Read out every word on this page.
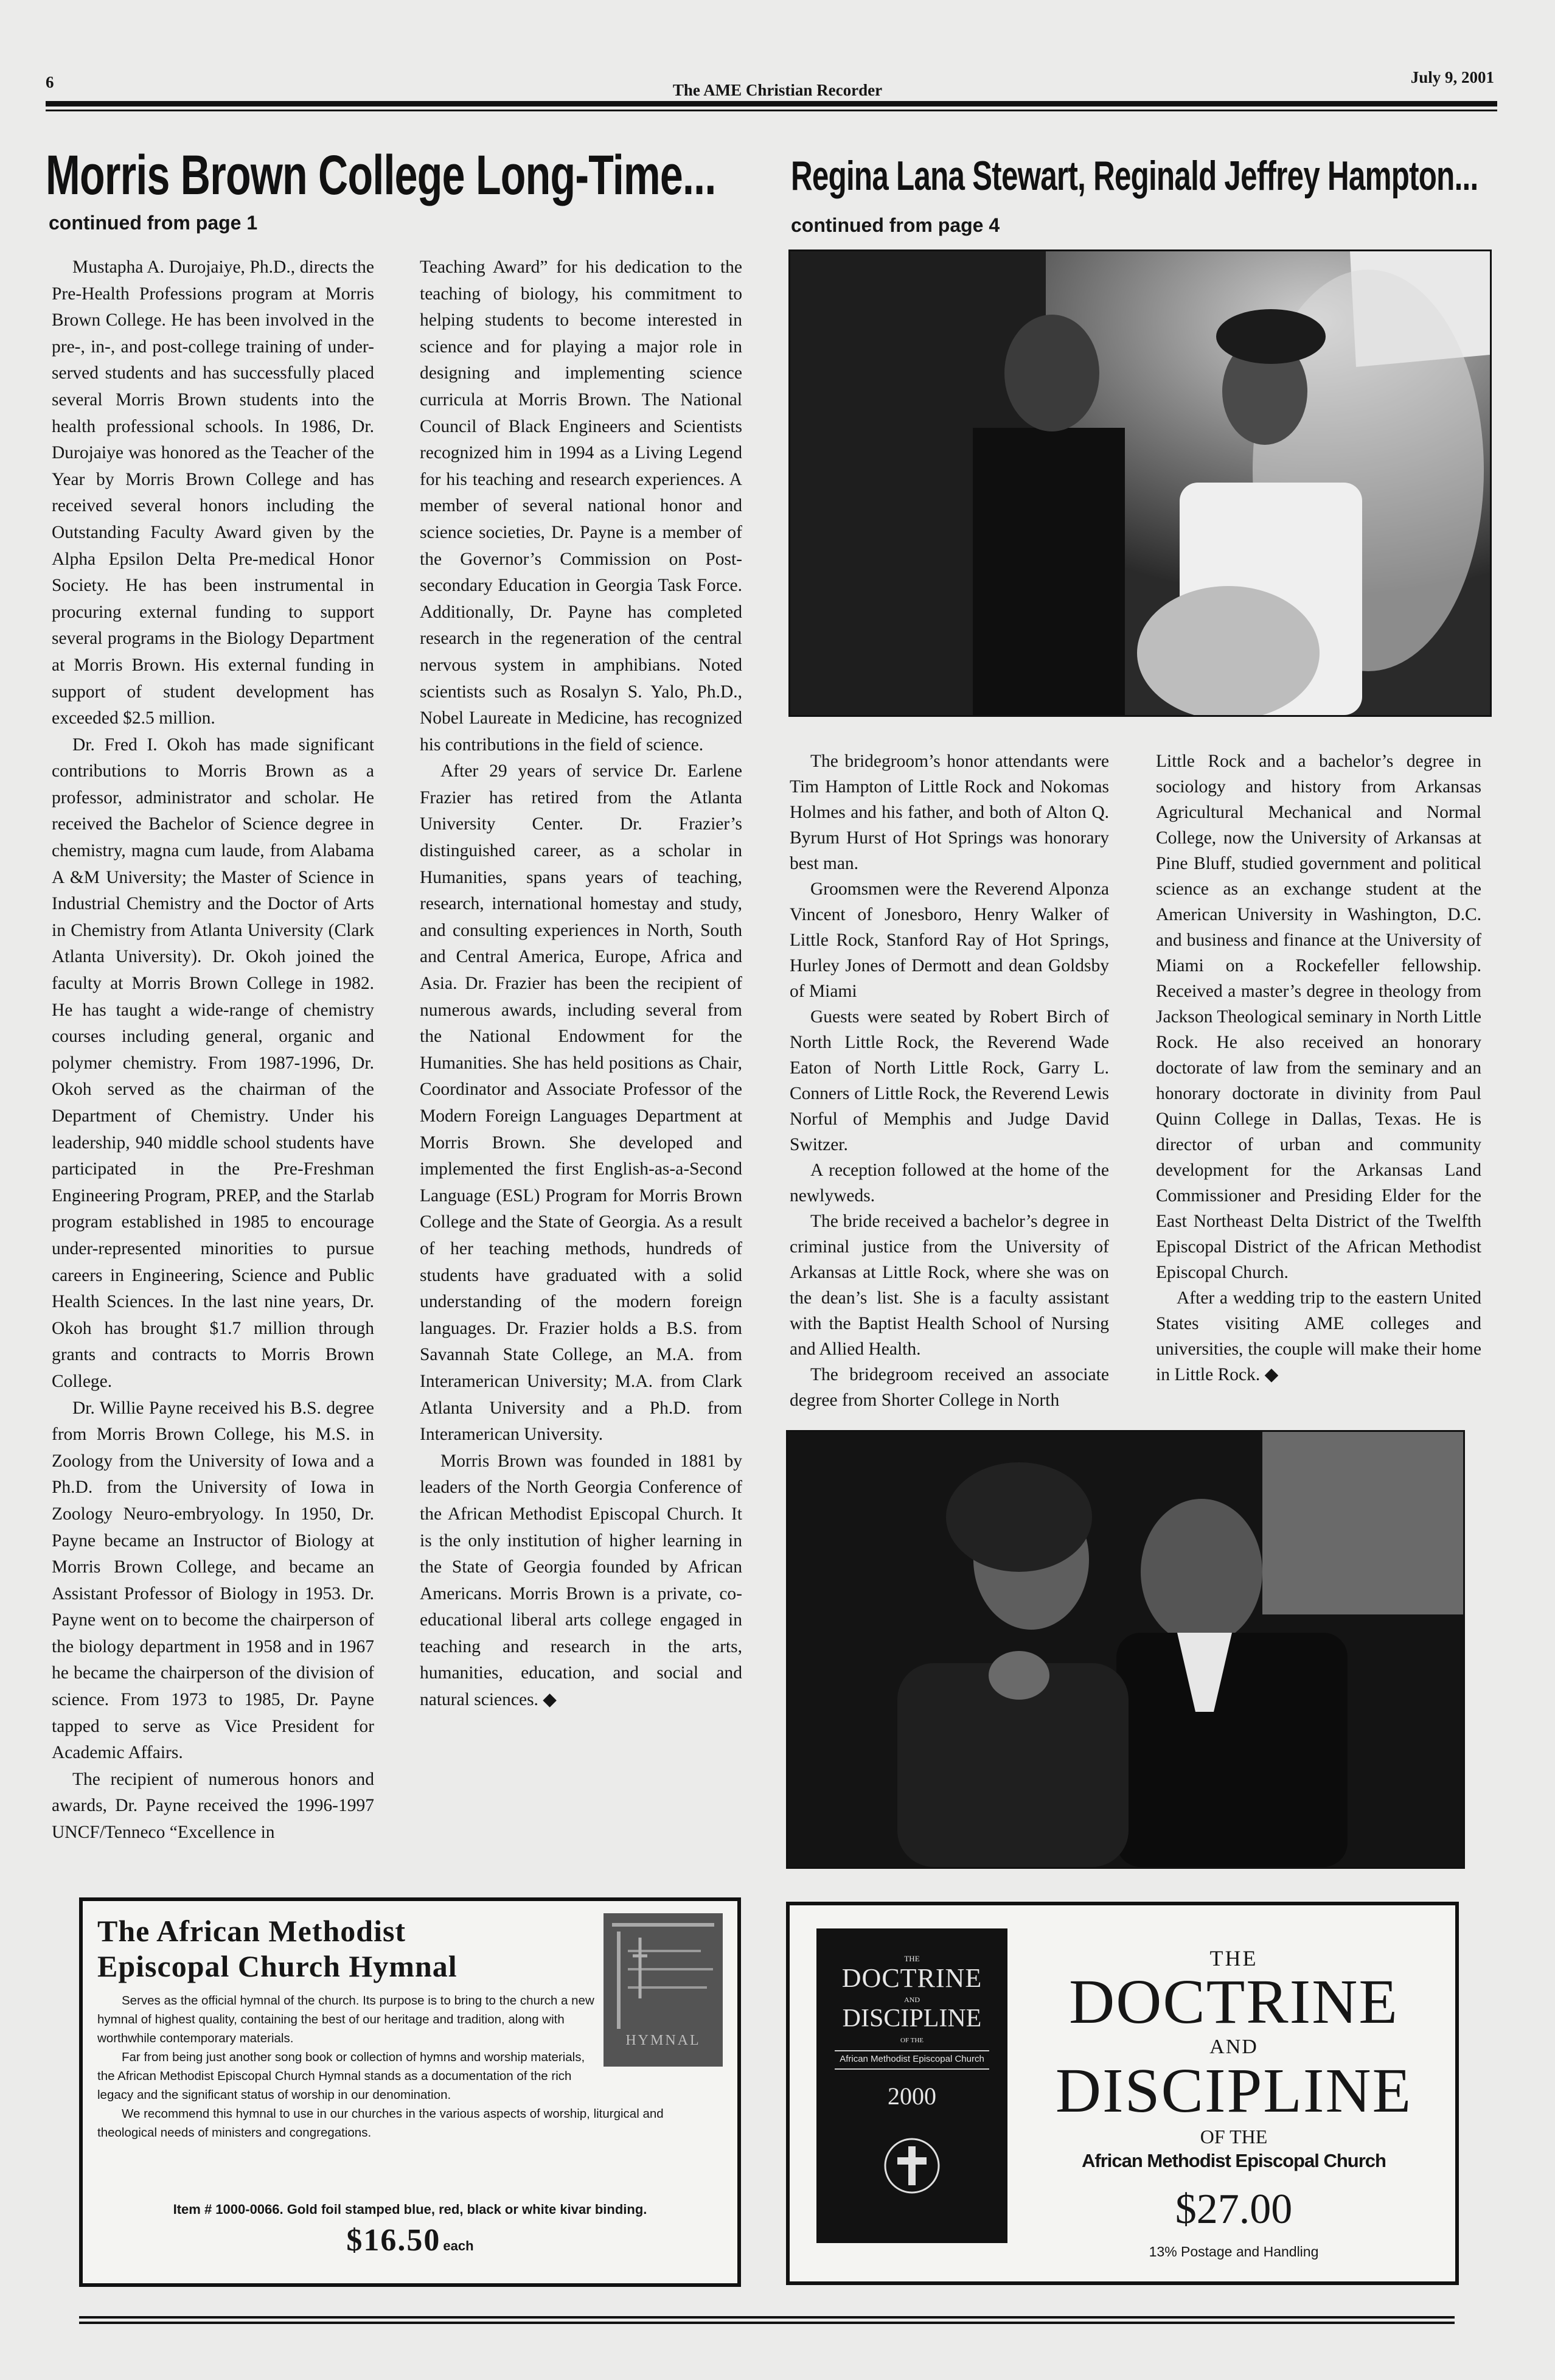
6	The AME Christian Recorder
July 9, 2001
Morris Brown College Long-Time...
continued from page 1

Mustapha A. Durojaiye, Ph.D., directs the Pre-Health Professions program at Morris Brown College. He has been involved in the pre-, in-, and post-college training of under-served students and has successfully placed several Morris Brown students into the health professional schools. In 1986, Dr. Durojaiye was honored as the Teacher of the Year by Morris Brown College and has received several honors including the Outstanding Faculty Award given by the Alpha Epsilon Delta Pre-medical Honor Society. He has been instrumental in procuring external funding to support several programs in the Biology Department at Morris Brown. His external funding in support of student development has exceeded $2.5 million.

Dr. Fred I. Okoh has made significant contributions to Morris Brown as a professor, administrator and scholar. He received the Bachelor of Science degree in chemistry, magna cum laude, from Alabama A &M University; the Master of Science in Industrial Chemistry and the Doctor of Arts in Chemistry from Atlanta University (Clark Atlanta University). Dr. Okoh joined the faculty at Morris Brown College in 1982. He has taught a wide-range of chemistry courses including general, organic and polymer chemistry. From 1987-1996, Dr. Okoh served as the chairman of the Department of Chemistry. Under his leadership, 940 middle school students have participated in the Pre-Freshman Engineering Program, PREP, and the Starlab program established in 1985 to encourage under-represented minorities to pursue careers in Engineering, Science and Public Health Sciences. In the last nine years, Dr. Okoh has brought $1.7 million through grants and contracts to Morris Brown College.

Dr. Willie Payne received his B.S. degree from Morris Brown College, his M.S. in Zoology from the University of Iowa and a Ph.D. from the University of Iowa in Zoology Neuro-embryology. In 1950, Dr. Payne became an Instructor of Biology at Morris Brown College, and became an Assistant Professor of Biology in 1953. Dr. Payne went on to become the chairperson of the biology department in 1958 and in 1967 he became the chairperson of the division of science. From 1973 to 1985, Dr. Payne tapped to serve as Vice President for Academic Affairs.

The recipient of numerous honors and awards, Dr. Payne received the 1996-1997 UNCF/Tenneco “Excellence in

Teaching Award” for his dedication to the teaching of biology, his commitment to helping students to become interested in science and for playing a major role in designing and implementing science curricula at Morris Brown. The National Council of Black Engineers and Scientists recognized him in 1994 as a Living Legend for his teaching and research experiences. A member of several national honor and science societies, Dr. Payne is a member of the Governor’s Commission on Post-secondary Education in Georgia Task Force. Additionally, Dr. Payne has completed research in the regeneration of the central nervous system in amphibians. Noted scientists such as Rosalyn S. Yalo, Ph.D., Nobel Laureate in Medicine, has recognized his contributions in the field of science.

After 29 years of service Dr. Earlene Frazier has retired from the Atlanta University Center. Dr. Frazier’s distinguished career, as a scholar in Humanities, spans years of teaching, research, international homestay and study, and consulting experiences in North, South and Central America, Europe, Africa and Asia. Dr. Frazier has been the recipient of numerous awards, including several from the National Endowment for the Humanities. She has held positions as Chair, Coordinator and Associate Professor of the Modern Foreign Languages Department at Morris Brown. She developed and implemented the first English-as-a-Second Language (ESL) Program for Morris Brown College and the State of Georgia. As a result of her teaching methods, hundreds of students have graduated with a solid understanding of the modern foreign languages. Dr. Frazier holds a B.S. from Savannah State College, an M.A. from Interamerican University; M.A. from Clark Atlanta University and a Ph.D. from Interamerican University.

Morris Brown was founded in 1881 by leaders of the North Georgia Conference of the African Methodist Episcopal Church. It is the only institution of higher learning in the State of Georgia founded by African Americans. Morris Brown is a private, co-educational liberal arts college engaged in teaching and research in the arts, humanities, education, and social and natural sciences. ◆

Regina Lana Stewart, Reginald Jeffrey Hampton...
continued from page 4

The bridegroom’s honor attendants were Tim Hampton of Little Rock and Nokomas Holmes and his father, and both of Alton Q. Byrum Hurst of Hot Springs was honorary best man.

Groomsmen were the Reverend Alponza Vincent of Jonesboro, Henry Walker of Little Rock, Stanford Ray of Hot Springs, Hurley Jones of Dermott and dean Goldsby of Miami

Guests were seated by Robert Birch of North Little Rock, the Reverend Wade Eaton of North Little Rock, Garry L. Conners of Little Rock, the Reverend Lewis Norful of Memphis and Judge David Switzer.

A reception followed at the home of the newlyweds.

The bride received a bachelor’s degree in criminal justice from the University of Arkansas at Little Rock, where she was on the dean’s list. She is a faculty assistant with the Baptist Health School of Nursing and Allied Health.

The bridegroom received an associate degree from Shorter College in North

Little Rock and a bachelor’s degree in sociology and history from Arkansas Agricultural Mechanical and Normal College, now the University of Arkansas at Pine Bluff, studied government and political science as an exchange student at the American University in Washington, D.C. and business and finance at the University of Miami on a Rockefeller fellowship. Received a master’s degree in theology from Jackson Theological seminary in North Little Rock. He also received an honorary doctorate of law from the seminary and an honorary doctorate in divinity from Paul Quinn College in Dallas, Texas. He is director of urban and community development for the Arkansas Land Commissioner and Presiding Elder for the East Northeast Delta District of the Twelfth Episcopal District of the African Methodist Episcopal Church.

After a wedding trip to the eastern United States visiting AME colleges and universities, the couple will make their home in Little Rock. ◆

The African Methodist
Episcopal Church Hymnal
HYMNAL

Serves as the official hymnal of the church. Its purpose is to bring to the church a new hymnal of highest quality, containing the best of our heritage and tradition, along with worthwhile contemporary materials.

Far from being just another song book or collection of hymns and worship materials, the African Methodist Episcopal Church Hymnal stands as a documentation of the rich legacy and the significant status of worship in our denomination.

We recommend this hymnal to use in our churches in the various aspects of worship, liturgical and theological needs of ministers and congregations.

Item # 1000-0066. Gold foil stamped blue, red, black or white kivar binding.
$16.50 each
THE
DOCTRINE
AND
DISCIPLINE
OF THE
African Methodist Episcopal Church
2000
THE
DOCTRINE
AND
DISCIPLINE
OF THE
African Methodist Episcopal Church
$27.00
13% Postage and Handling
